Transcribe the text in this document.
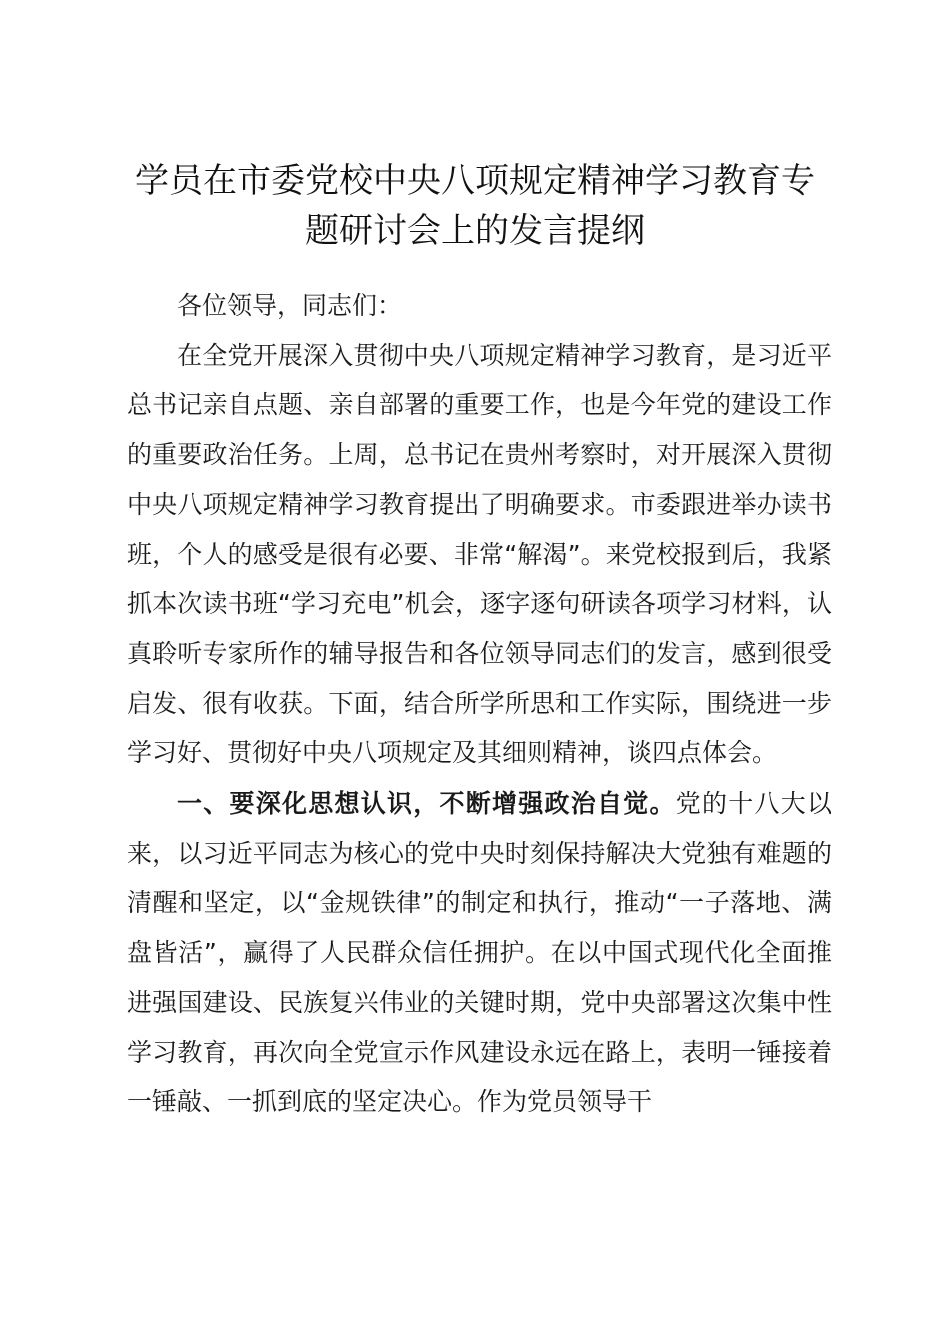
学员在市委党校中央八项规定精神学习教育专
题研讨会上的发言提纲

各位领导，同志们：

在全党开展深入贯彻中央八项规定精神学习教育，是习近平总书记亲自点题、亲自部署的重要工作，也是今年党的建设工作的重要政治任务。上周，总书记在贵州考察时，对开展深入贯彻中央八项规定精神学习教育提出了明确要求。市委跟进举办读书班，个人的感受是很有必要、非常“解渴”。来党校报到后，我紧抓本次读书班“学习充电”机会，逐字逐句研读各项学习材料，认真聆听专家所作的辅导报告和各位领导同志们的发言，感到很受启发、很有收获。下面，结合所学所思和工作实际，围绕进一步学习好、贯彻好中央八项规定及其细则精神，谈四点体会。

一、要深化思想认识，不断增强政治自觉。党的十八大以来，以习近平同志为核心的党中央时刻保持解决大党独有难题的清醒和坚定，以“金规铁律”的制定和执行，推动“一子落地、满盘皆活”，赢得了人民群众信任拥护。在以中国式现代化全面推进强国建设、民族复兴伟业的关键时期，党中央部署这次集中性学习教育，再次向全党宣示作风建设永远在路上，表明一锤接着一锤敲、一抓到底的坚定决心。作为党员领导干
